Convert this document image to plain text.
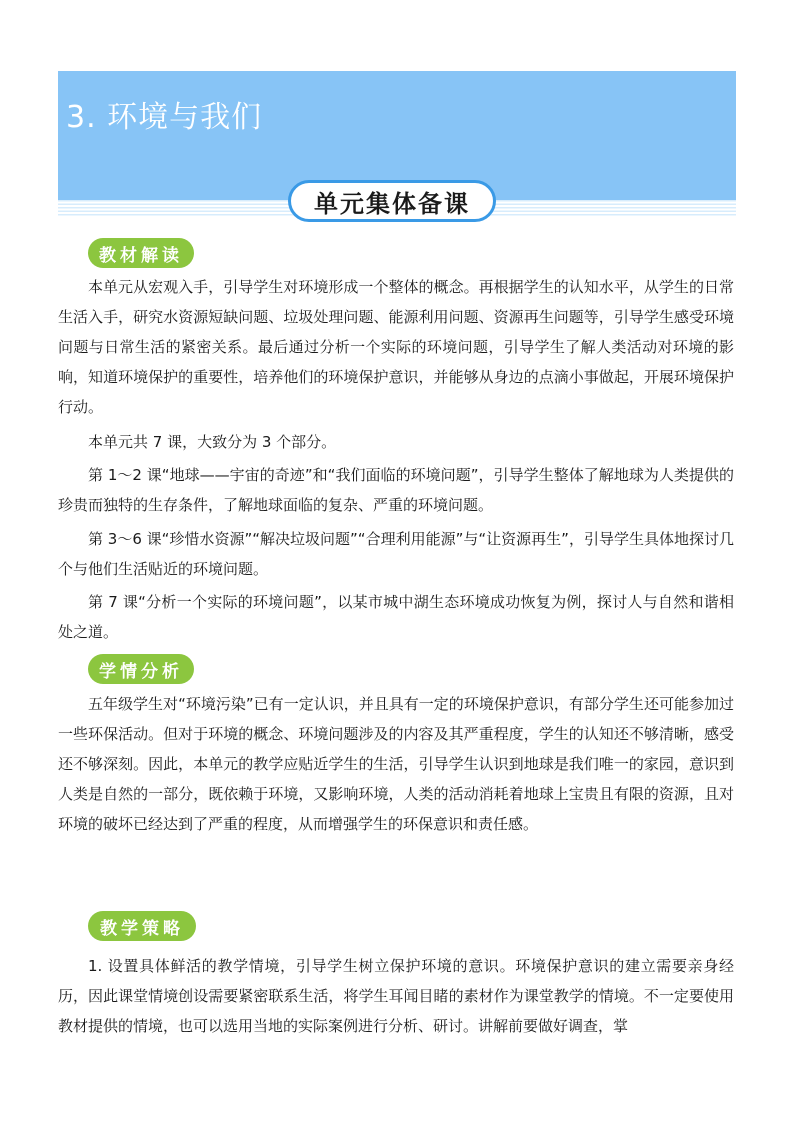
3. 环境与我们
单元集体备课
教材解读

本单元从宏观入手，引导学生对环境形成一个整体的概念。再根据学生的认知水平，从学生的日常生活入手，研究水资源短缺问题、垃圾处理问题、能源利用问题、资源再生问题等，引导学生感受环境问题与日常生活的紧密关系。最后通过分析一个实际的环境问题，引导学生了解人类活动对环境的影响，知道环境保护的重要性，培养他们的环境保护意识，并能够从身边的点滴小事做起，开展环境保护行动。

本单元共 7 课，大致分为 3 个部分。

第 1～2 课“地球——宇宙的奇迹”和“我们面临的环境问题”，引导学生整体了解地球为人类提供的珍贵而独特的生存条件，了解地球面临的复杂、严重的环境问题。

第 3～6 课“珍惜水资源”“解决垃圾问题”“合理利用能源”与“让资源再生”，引导学生具体地探讨几个与他们生活贴近的环境问题。

第 7 课“分析一个实际的环境问题”，以某市城中湖生态环境成功恢复为例，探讨人与自然和谐相处之道。

学情分析

五年级学生对“环境污染”已有一定认识，并且具有一定的环境保护意识，有部分学生还可能参加过一些环保活动。但对于环境的概念、环境问题涉及的内容及其严重程度，学生的认知还不够清晰，感受还不够深刻。因此，本单元的教学应贴近学生的生活，引导学生认识到地球是我们唯一的家园，意识到人类是自然的一部分，既依赖于环境，又影响环境，人类的活动消耗着地球上宝贵且有限的资源，且对环境的破坏已经达到了严重的程度，从而增强学生的环保意识和责任感。

教学策略

1. 设置具体鲜活的教学情境，引导学生树立保护环境的意识。环境保护意识的建立需要亲身经历，因此课堂情境创设需要紧密联系生活，将学生耳闻目睹的素材作为课堂教学的情境。不一定要使用教材提供的情境，也可以选用当地的实际案例进行分析、研讨。讲解前要做好调查，掌
